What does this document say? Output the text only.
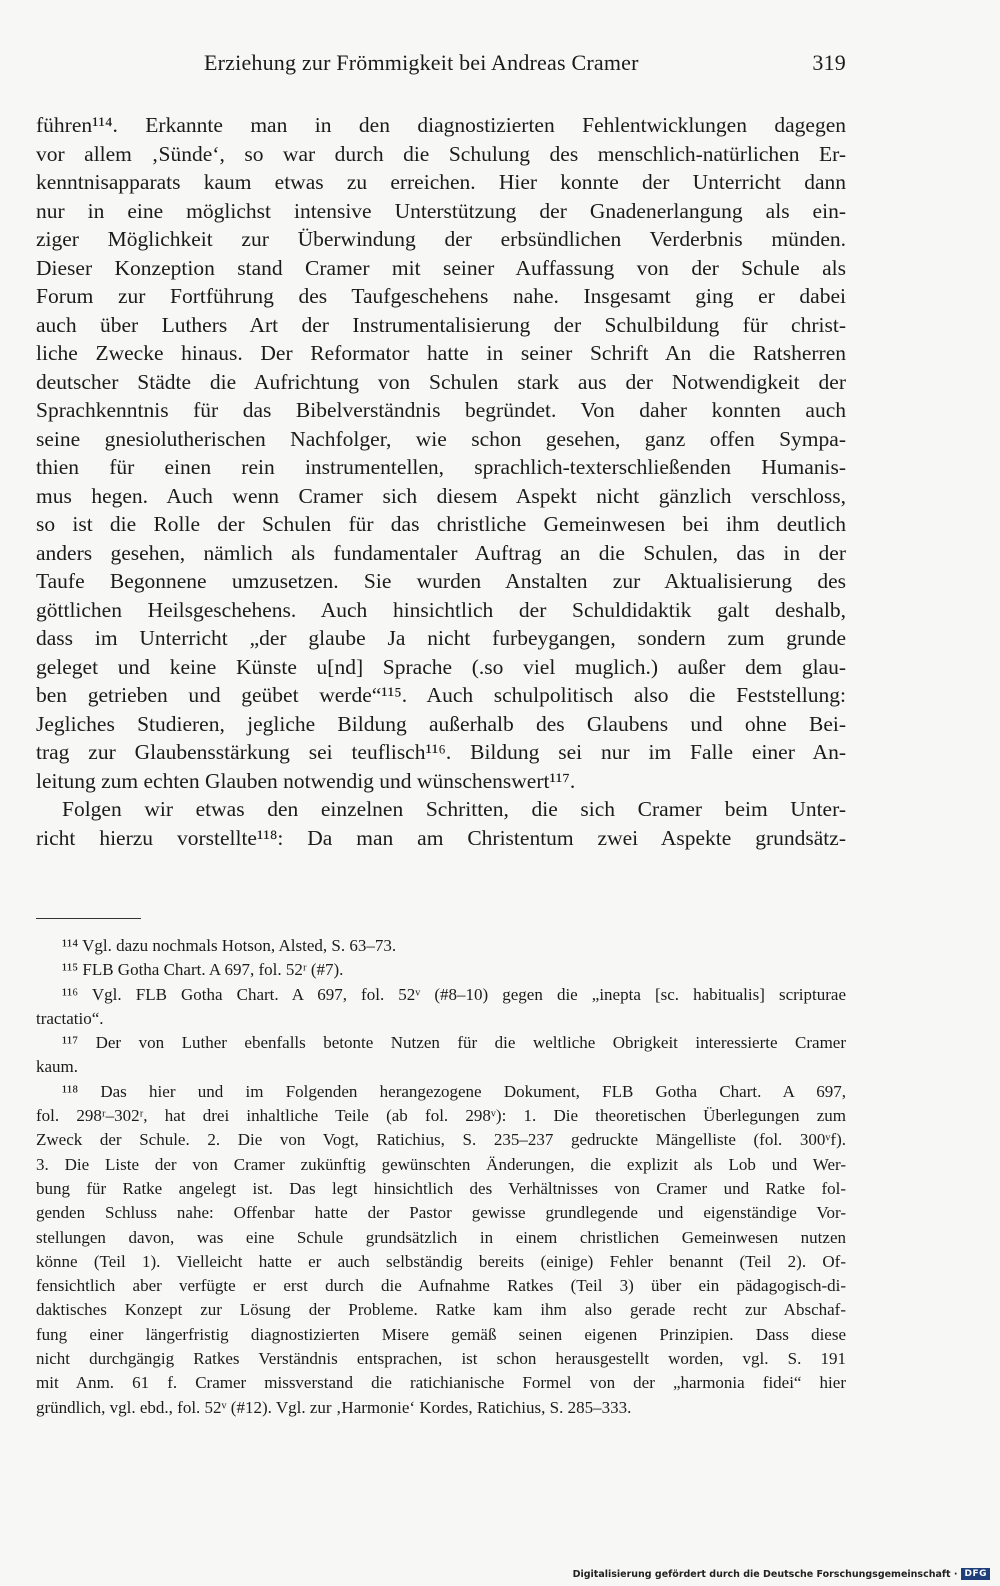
Erziehung zur Frömmigkeit bei Andreas Cramer	319
führen¹¹⁴. Erkannte man in den diagnostizierten Fehlentwicklungen dagegen
vor allem ‚Sünde‘, so war durch die Schulung des menschlich-natürlichen Er-
kenntnisapparats kaum etwas zu erreichen. Hier konnte der Unterricht dann
nur in eine möglichst intensive Unterstützung der Gnadenerlangung als ein-
ziger Möglichkeit zur Überwindung der erbsündlichen Verderbnis münden.
Dieser Konzeption stand Cramer mit seiner Auffassung von der Schule als
Forum zur Fortführung des Taufgeschehens nahe. Insgesamt ging er dabei
auch über Luthers Art der Instrumentalisierung der Schulbildung für christ-
liche Zwecke hinaus. Der Reformator hatte in seiner Schrift An die Ratsherren
deutscher Städte die Aufrichtung von Schulen stark aus der Notwendigkeit der
Sprachkenntnis für das Bibelverständnis begründet. Von daher konnten auch
seine gnesiolutherischen Nachfolger, wie schon gesehen, ganz offen Sympa-
thien für einen rein instrumentellen, sprachlich-texterschließenden Humanis-
mus hegen. Auch wenn Cramer sich diesem Aspekt nicht gänzlich verschloss,
so ist die Rolle der Schulen für das christliche Gemeinwesen bei ihm deutlich
anders gesehen, nämlich als fundamentaler Auftrag an die Schulen, das in der
Taufe Begonnene umzusetzen. Sie wurden Anstalten zur Aktualisierung des
göttlichen Heilsgeschehens. Auch hinsichtlich der Schuldidaktik galt deshalb,
dass im Unterricht „der glaube Ja nicht furbeygangen, sondern zum grunde
geleget und keine Künste u[nd] Sprache (.so viel muglich.) außer dem glau-
ben getrieben und geübet werde“¹¹⁵. Auch schulpolitisch also die Feststellung:
Jegliches Studieren, jegliche Bildung außerhalb des Glaubens und ohne Bei-
trag zur Glaubensstärkung sei teuflisch¹¹⁶. Bildung sei nur im Falle einer An-
leitung zum echten Glauben notwendig und wünschenswert¹¹⁷.
Folgen wir etwas den einzelnen Schritten, die sich Cramer beim Unter-
richt hierzu vorstellte¹¹⁸: Da man am Christentum zwei Aspekte grundsätz-
¹¹⁴ Vgl. dazu nochmals Hotson, Alsted, S. 63–73.
¹¹⁵ FLB Gotha Chart. A 697, fol. 52ʳ (#7).
¹¹⁶ Vgl. FLB Gotha Chart. A 697, fol. 52ᵛ (#8–10) gegen die „inepta [sc. habitualis] scripturae
tractatio“.
¹¹⁷ Der von Luther ebenfalls betonte Nutzen für die weltliche Obrigkeit interessierte Cramer
kaum.
¹¹⁸ Das hier und im Folgenden herangezogene Dokument, FLB Gotha Chart. A 697,
fol. 298ʳ–302ʳ, hat drei inhaltliche Teile (ab fol. 298ᵛ): 1. Die theoretischen Überlegungen zum
Zweck der Schule. 2. Die von Vogt, Ratichius, S. 235–237 gedruckte Mängelliste (fol. 300ᵛf).
3. Die Liste der von Cramer zukünftig gewünschten Änderungen, die explizit als Lob und Wer-
bung für Ratke angelegt ist. Das legt hinsichtlich des Verhältnisses von Cramer und Ratke fol-
genden Schluss nahe: Offenbar hatte der Pastor gewisse grundlegende und eigenständige Vor-
stellungen davon, was eine Schule grundsätzlich in einem christlichen Gemeinwesen nutzen
könne (Teil 1). Vielleicht hatte er auch selbständig bereits (einige) Fehler benannt (Teil 2). Of-
fensichtlich aber verfügte er erst durch die Aufnahme Ratkes (Teil 3) über ein pädagogisch-di-
daktisches Konzept zur Lösung der Probleme. Ratke kam ihm also gerade recht zur Abschaf-
fung einer längerfristig diagnostizierten Misere gemäß seinen eigenen Prinzipien. Dass diese
nicht durchgängig Ratkes Verständnis entsprachen, ist schon herausgestellt worden, vgl. S. 191
mit Anm. 61 f. Cramer missverstand die ratichianische Formel von der „harmonia fidei“ hier
gründlich, vgl. ebd., fol. 52ᵛ (#12). Vgl. zur ‚Harmonie‘ Kordes, Ratichius, S. 285–333.
Digitalisierung gefördert durch die Deutsche Forschungsgemeinschaft · DFG
